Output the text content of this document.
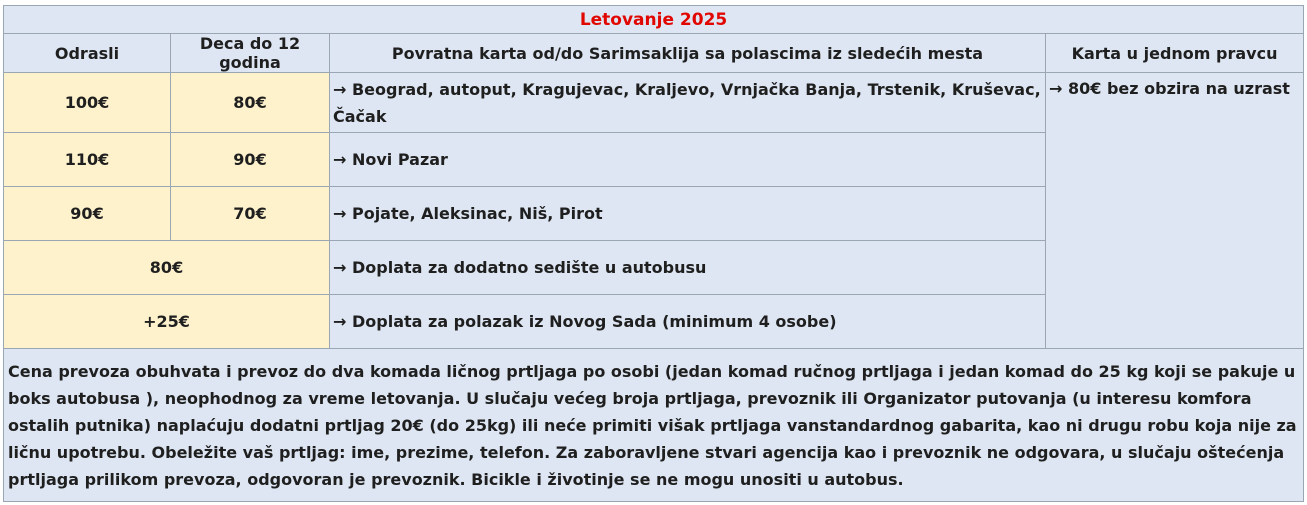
Letovanje 2025			
Odrasli	Deca do 12 godina	Povratna karta od/do Sarimsaklija sa polascima iz sledećih mesta	Karta u jednom pravcu
100€	80€	→ Beograd, autoput, Kragujevac, Kraljevo, Vrnjačka Banja, Trstenik, Kruševac, Čačak	→ 80€ bez obzira na uzrast
110€	90€	→ Novi Pazar	
90€	70€	→ Pojate, Aleksinac, Niš, Pirot	
80€		→ Doplata za dodatno sedište u autobusu	
+25€		→ Doplata za polazak iz Novog Sada (minimum 4 osobe)	
Cena prevoza obuhvata i prevoz do dva komada ličnog prtljaga po osobi (jedan komad ručnog prtljaga i jedan komad do 25 kg koji se pakuje u boks autobusa ), neophodnog za vreme letovanja. U slučaju većeg broja prtljaga, prevoznik ili Organizator putovanja (u interesu komfora ostalih putnika) naplaćuju dodatni prtljag 20€ (do 25kg) ili neće primiti višak prtljaga vanstandardnog gabarita, kao ni drugu robu koja nije za ličnu upotrebu. Obeležite vaš prtljag: ime, prezime, telefon. Za zaboravljene stvari agencija kao i prevoznik ne odgovara, u slučaju oštećenja prtljaga prilikom prevoza, odgovoran je prevoznik. Bicikle i životinje se ne mogu unositi u autobus.			
